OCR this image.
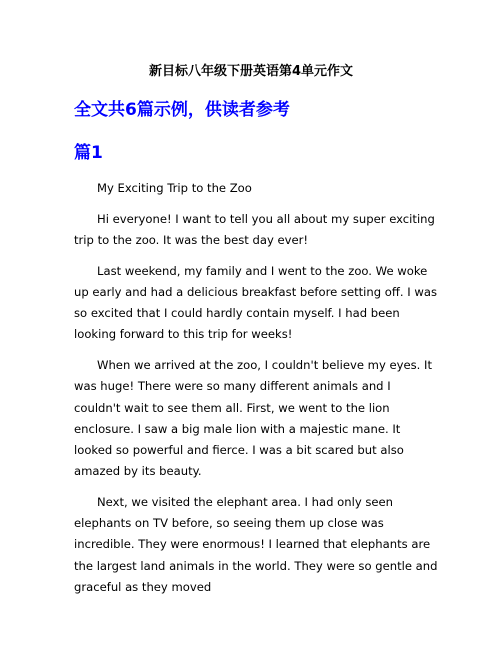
新目标八年级下册英语第4单元作文
全文共6篇示例，供读者参考
篇1

My Exciting Trip to the Zoo

Hi everyone! I want to tell you all about my super exciting trip to the zoo. It was the best day ever!

Last weekend, my family and I went to the zoo. We woke up early and had a delicious breakfast before setting off. I was so excited that I could hardly contain myself. I had been looking forward to this trip for weeks!

When we arrived at the zoo, I couldn't believe my eyes. It was huge! There were so many different animals and I couldn't wait to see them all. First, we went to the lion enclosure. I saw a big male lion with a majestic mane. It looked so powerful and fierce. I was a bit scared but also amazed by its beauty.

Next, we visited the elephant area. I had only seen elephants on TV before, so seeing them up close was incredible. They were enormous! I learned that elephants are the largest land animals in the world. They were so gentle and graceful as they moved
